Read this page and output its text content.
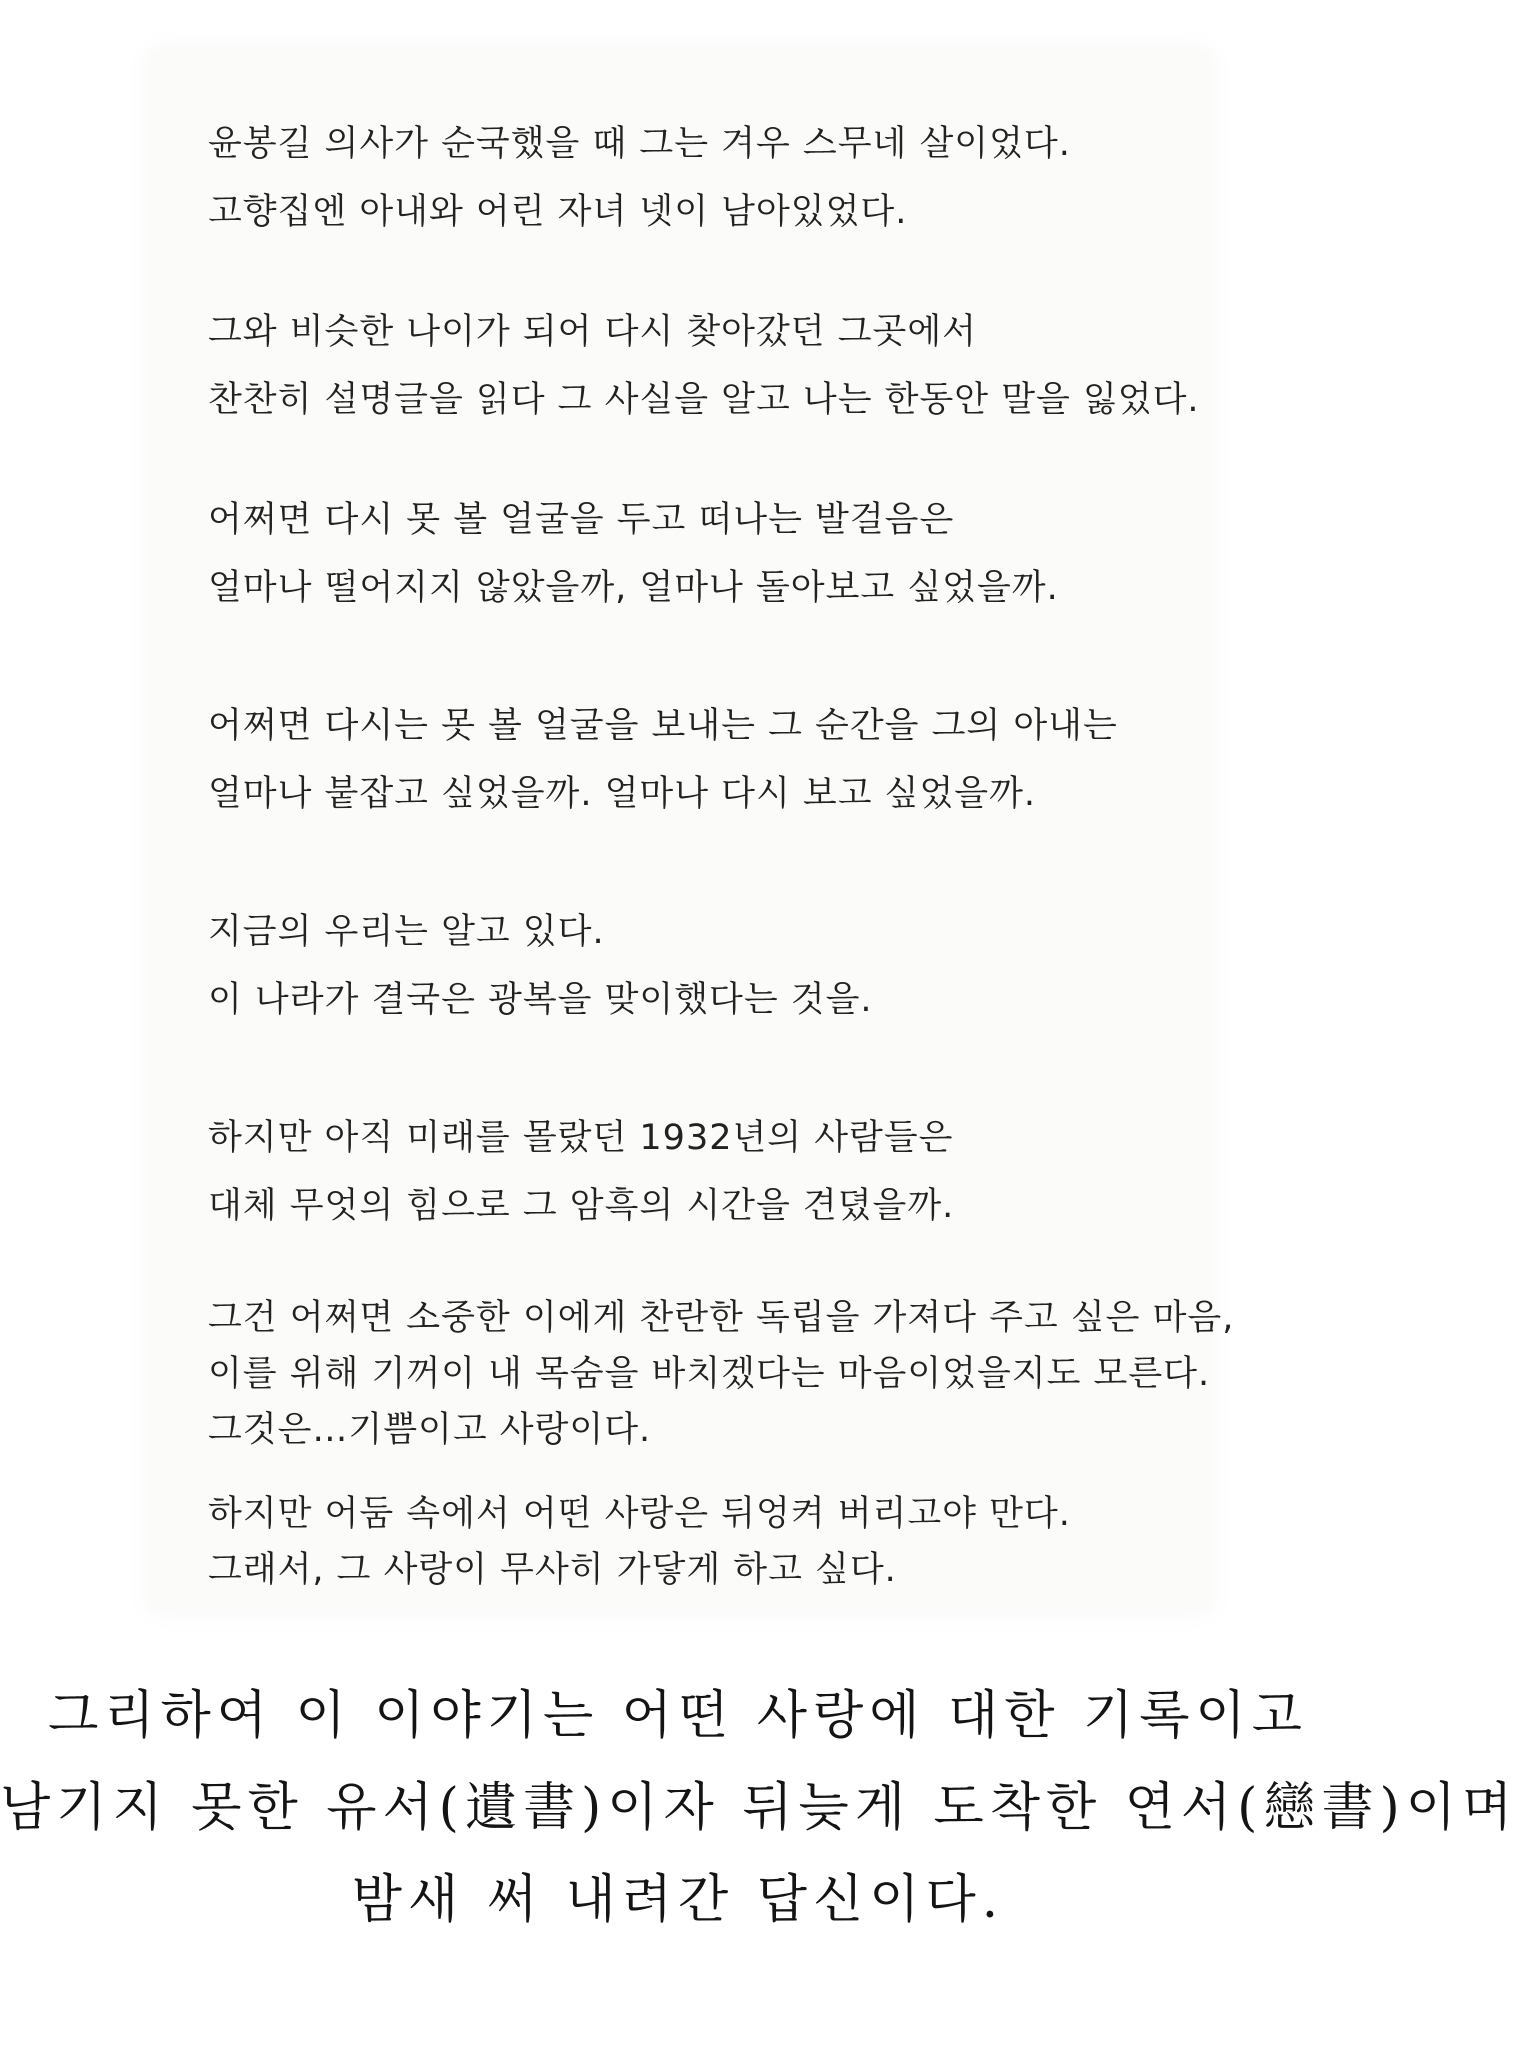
윤봉길 의사가 순국했을 때 그는 겨우 스무네 살이었다.
고향집엔 아내와 어린 자녀 넷이 남아있었다.
그와 비슷한 나이가 되어 다시 찾아갔던 그곳에서
찬찬히 설명글을 읽다 그 사실을 알고 나는 한동안 말을 잃었다.
어쩌면 다시 못 볼 얼굴을 두고 떠나는 발걸음은
얼마나 떨어지지 않았을까, 얼마나 돌아보고 싶었을까.
어쩌면 다시는 못 볼 얼굴을 보내는 그 순간을 그의 아내는
얼마나 붙잡고 싶었을까. 얼마나 다시 보고 싶었을까.
지금의 우리는 알고 있다.
이 나라가 결국은 광복을 맞이했다는 것을.
하지만 아직 미래를 몰랐던 1932년의 사람들은
대체 무엇의 힘으로 그 암흑의 시간을 견뎠을까.
그건 어쩌면 소중한 이에게 찬란한 독립을 가져다 주고 싶은 마음,
이를 위해 기꺼이 내 목숨을 바치겠다는 마음이었을지도 모른다.
그것은…기쁨이고 사랑이다.
하지만 어둠 속에서 어떤 사랑은 뒤엉켜 버리고야 만다.
그래서, 그 사랑이 무사히 가닿게 하고 싶다.
그리하여 이 이야기는 어떤 사랑에 대한 기록이고
남기지 못한 유서(遺書)이자 뒤늦게 도착한 연서(戀書)이며
밤새 써 내려간 답신이다.
